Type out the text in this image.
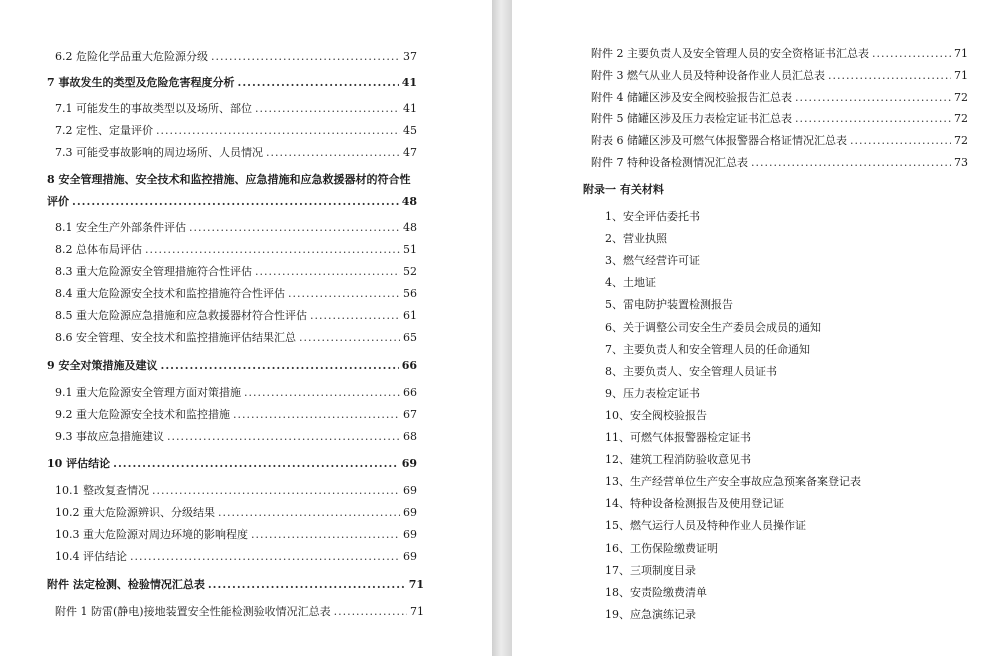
6.2 危险化学品重大危险源分级 .....	37
7 事故发生的类型及危险危害程度分析 .....	41
7.1 可能发生的事故类型以及场所、部位 .....	41
7.2 定性、定量评价 .....	45
7.3 可能受事故影响的周边场所、人员情况 .....	47
8 安全管理措施、安全技术和监控措施、应急措施和应急救援器材的符合性
评价 .....	48
8.1 安全生产外部条件评估 .....	48
8.2 总体布局评估 .....	51
8.3 重大危险源安全管理措施符合性评估 .....	52
8.4 重大危险源安全技术和监控措施符合性评估 .....	56
8.5 重大危险源应急措施和应急救援器材符合性评估 .....	61
8.6 安全管理、安全技术和监控措施评估结果汇总 .....	65
9 安全对策措施及建议 .....	66
9.1 重大危险源安全管理方面对策措施 .....	66
9.2 重大危险源安全技术和监控措施 .....	67
9.3 事故应急措施建议 .....	68
10 评估结论 .....	69
10.1 整改复查情况 .....	69
10.2 重大危险源辨识、分级结果 .....	69
10.3 重大危险源对周边环境的影响程度 .....	69
10.4 评估结论 .....	69
附件 法定检测、检验情况汇总表 .....	71
附件 1 防雷(静电)接地装置安全性能检测验收情况汇总表 .....	71
附件 2 主要负责人及安全管理人员的安全资格证书汇总表 .....	71
附件 3 燃气从业人员及特种设备作业人员汇总表 .....	71
附件 4 储罐区涉及安全阀校验报告汇总表 .....	72
附件 5 储罐区涉及压力表检定证书汇总表 .....	72
附表 6 储罐区涉及可燃气体报警器合格证情况汇总表 .....	72
附件 7 特种设备检测情况汇总表 .....	73
附录一 有关材料
1、安全评估委托书
2、营业执照
3、燃气经营许可证
4、土地证
5、雷电防护装置检测报告
6、关于调整公司安全生产委员会成员的通知
7、主要负责人和安全管理人员的任命通知
8、主要负责人、安全管理人员证书
9、压力表检定证书
10、安全阀校验报告
11、可燃气体报警器检定证书
12、建筑工程消防验收意见书
13、生产经营单位生产安全事故应急预案备案登记表
14、特种设备检测报告及使用登记证
15、燃气运行人员及特种作业人员操作证
16、工伤保险缴费证明
17、三项制度目录
18、安责险缴费清单
19、应急演练记录
